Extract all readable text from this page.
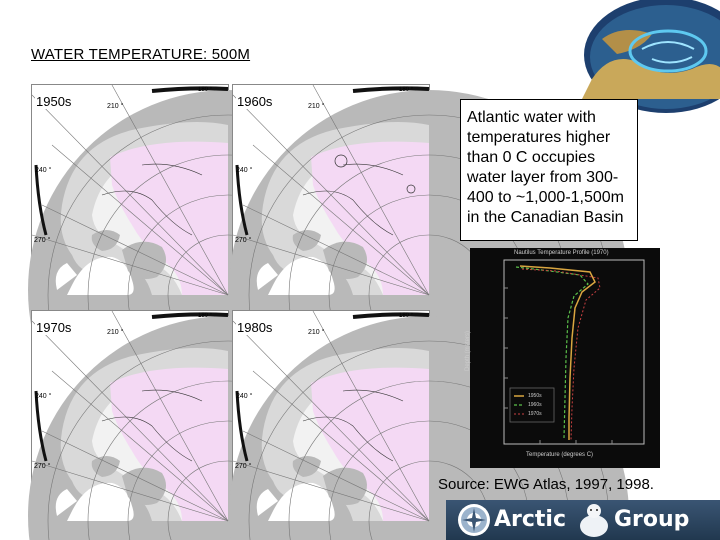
WATER TEMPERATURE: 500M
1950s	210 °
240 °
270 °
180 °
1960s	210 °
240 °
270 °
180 °
1970s	210 °
240 °
270 °
180 °
1980s	210 °
240 °
270 °
180 °
Atlantic water with temperatures higher than 0 C occupies water layer from 300-400 to ~1,000-1,500m in the Canadian Basin
Nautilus Temperature Profile (1970)
Temperature (degrees C)
Depth (meters)
1950s
1960s
1970s
Source: EWG Atlas, 1997, 1998.
Arctic Group
